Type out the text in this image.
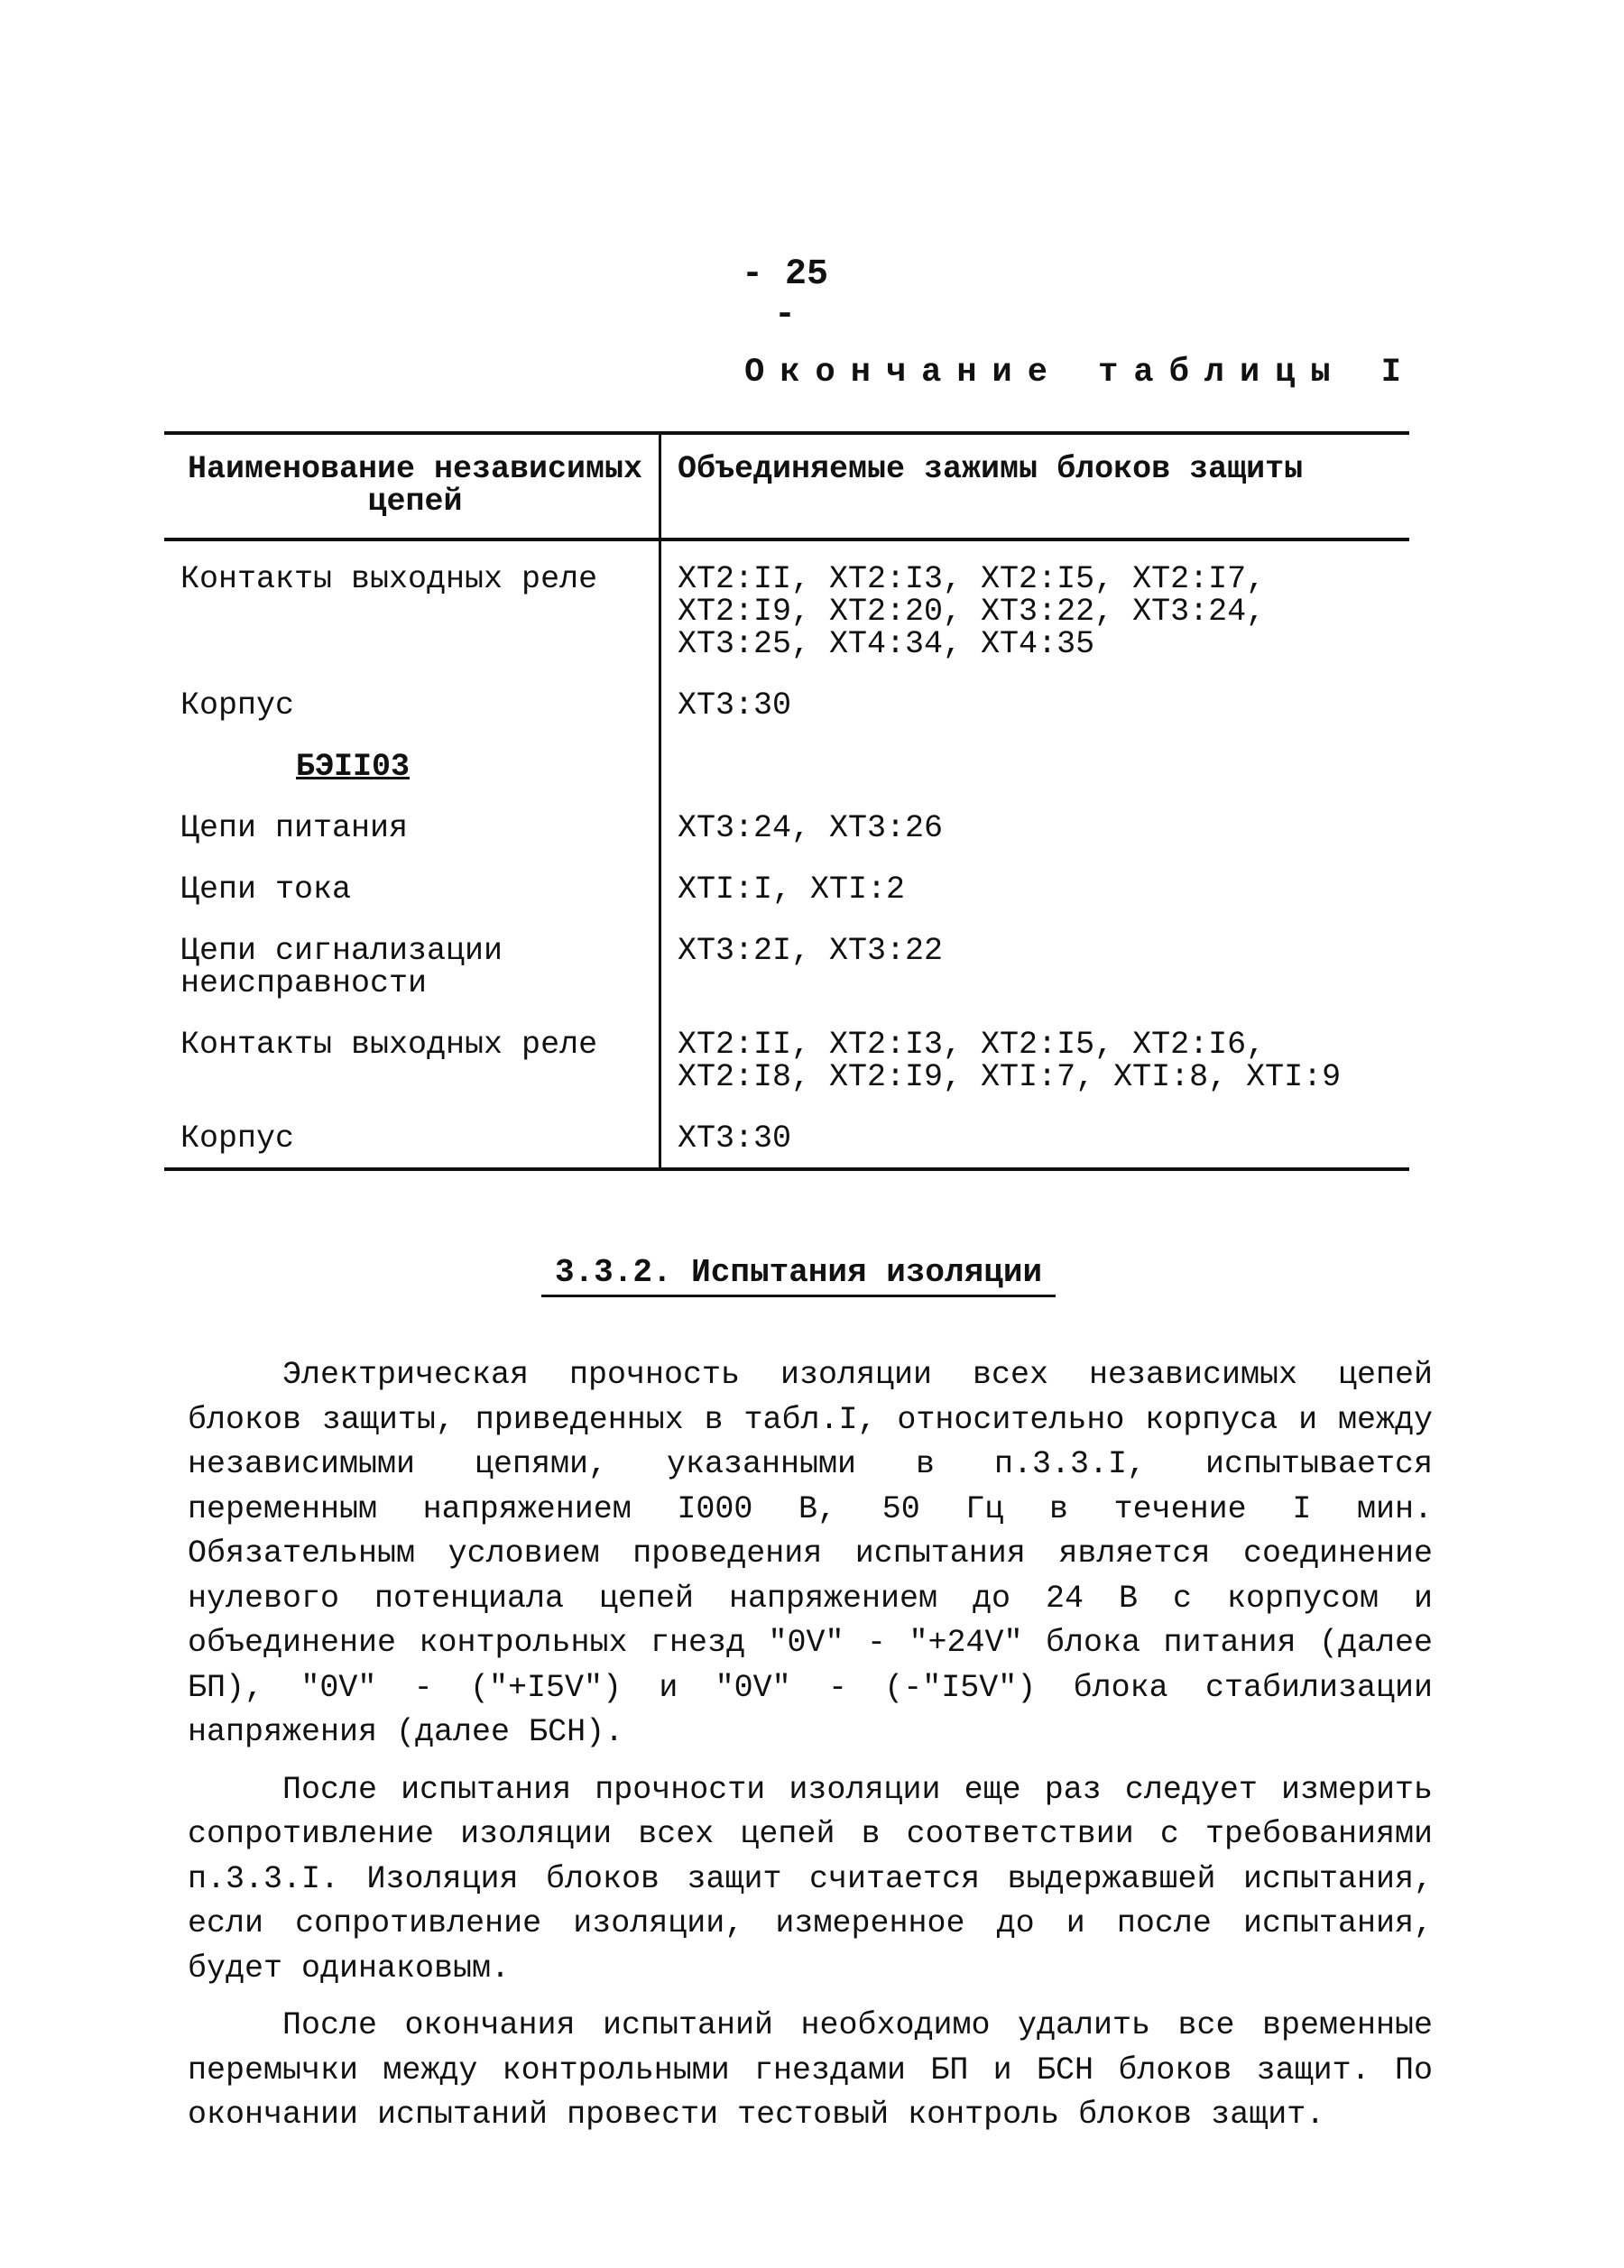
- 25 -
Окончание таблицы I
Наименование независимых цепей	Объединяемые зажимы блоков защиты
Контакты выходных реле	XT2:II, XT2:I3, XT2:I5, XT2:I7, XT2:I9, XT2:20, XT3:22, XT3:24, XT3:25, XT4:34, XT4:35
Корпус	XT3:30
БЭII03	
Цепи питания	XT3:24, XT3:26
Цепи тока	XTI:I, XTI:2
Цепи сигнализации неисправности	XT3:2I, XT3:22
Контакты выходных реле	XT2:II, XT2:I3, XT2:I5, XT2:I6, XT2:I8, XT2:I9, XTI:7, XTI:8, XTI:9
Корпус	XT3:30
3.3.2. Испытания изоляции

Электрическая прочность изоляции всех независимых цепей блоков защиты, приведенных в табл.I, относительно корпуса и между независимыми цепями, указанными в п.3.3.I, испытывается переменным напряжением I000 В, 50 Гц в течение I мин. Обязательным условием проведения испытания является соединение нулевого потенциала цепей напряжением до 24 В с корпусом и объединение контрольных гнезд "0V" - "+24V" блока питания (далее БП), "0V" - ("+I5V") и "0V" - (-"I5V") блока стабилизации напряжения (далее БСН).

После испытания прочности изоляции еще раз следует измерить сопротивление изоляции всех цепей в соответствии с требованиями п.3.3.I. Изоляция блоков защит считается выдержавшей испытания, если сопротивление изоляции, измеренное до и после испытания, будет одинаковым.

После окончания испытаний необходимо удалить все временные перемычки между контрольными гнездами БП и БСН блоков защит. По окончании испытаний провести тестовый контроль блоков защит.
